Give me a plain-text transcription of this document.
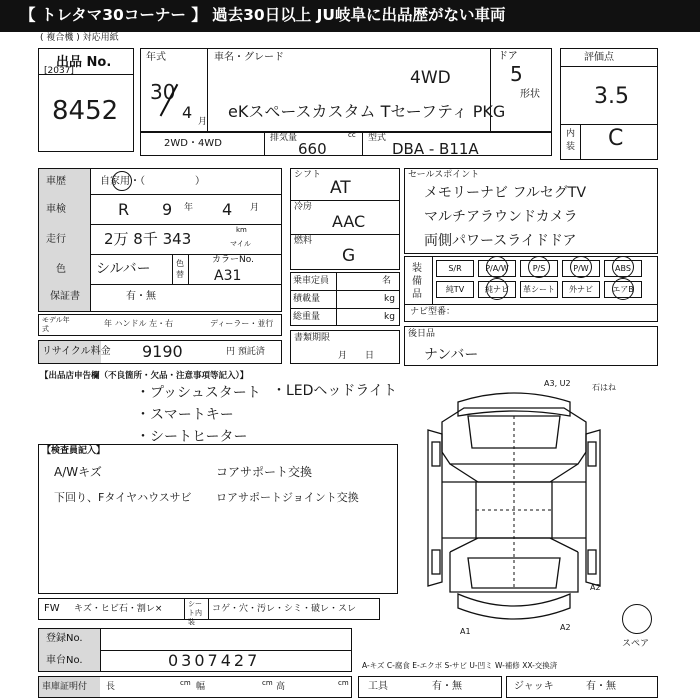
【 トレタマ30コーナー 】 過去30日以上 JU岐阜に出品歴がない車両
( 複合機 ) 対応用紙
出品 No.
[2037]
8452
年式
30
4 月
車名・グレード
4WD
eKスペースカスタム Tセーフティ PKG
ドア
5
形状
評価点
3.5
内装 C
2WD・4WD	排気量	cc
660
型式
DBA - B11A
車歴	自家用・（　　　　　）
車検	R 9 年 4 月
走行	2万 8千 343	km
マイル
色 シルバー	色替
カラーNo.
A31
保証書	有・無
モデル年式
年 ハンドル 左・右	ディーラー・並行
リサイクル料金 9190	円 預託済
シフト
AT
冷房
AAC
燃料
G
乗車定員	名
積載量	kg
総重量	kg
書類期限
月　　日
セールスポイント
メモリーナビ フルセグTV
マルチアラウンドカメラ
両側パワースライドドア
装備品
S/R	P/A/W	P/S	P/W	ABS
純TV	純ナビ	革シート	外ナビ	エアB
ナビ型番：
後日品
ナンバー
【出品店申告欄（不良箇所・欠品・注意事項等記入）】
・プッシュスタート ・LEDヘッドライト
・スマートキー
・シートヒーター
【検査員記入】
A/Wキズ
下回り、Fタイヤハウスサビ
コアサポート交換
ロアサポートジョイント交換
A3, U2	石はね
A2
A1	A2
スペア
FW キズ・ヒビ石・割レ×	シート内装
コゲ・穴・汚レ・シミ・破レ・スレ
登録No.
車台No.	0307427	A-キズ C-腐食 E-エクボ S-サビ U-凹ミ W-補修 XX-交換済
車庫証明付 長	cm 幅	cm 高	cm 工具	有・無	ジャッキ	有・無
